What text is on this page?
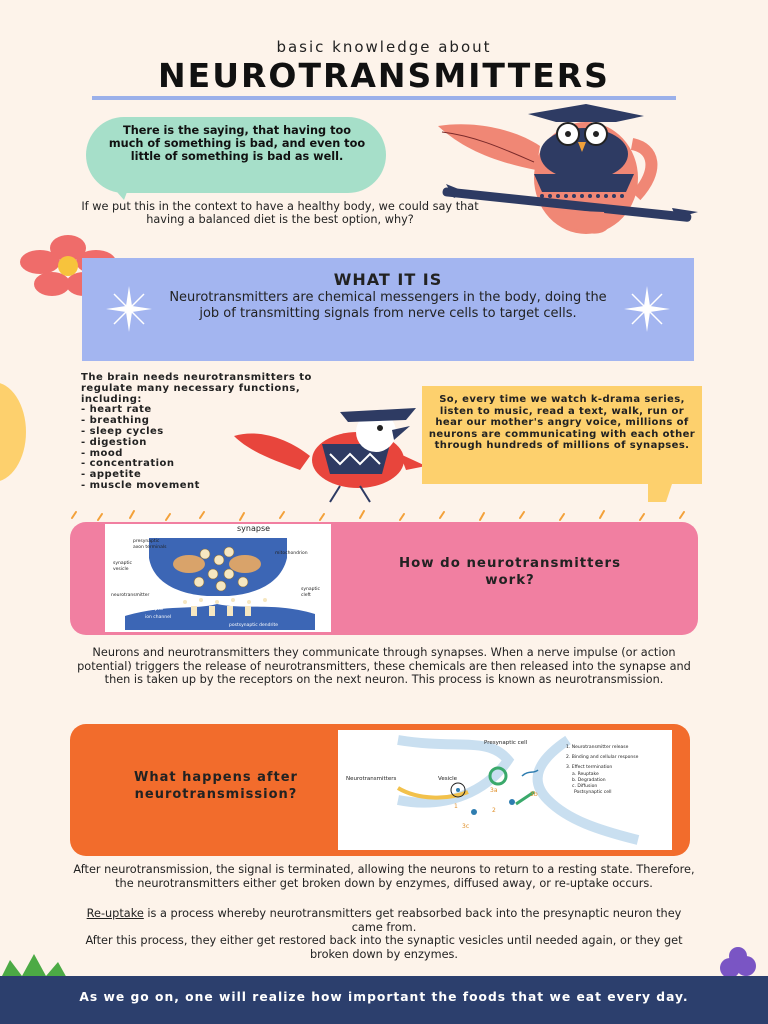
basic knowledge about
NEUROTRANSMITTERS
There is the saying, that having too much of something is bad, and even too little of something is bad as well.
If we put this in the context to have a healthy body, we could say that having a balanced diet is the best option, why?
WHAT IT IS
Neurotransmitters are chemical messengers in the body, doing the job of transmitting signals from nerve cells to target cells.
The brain needs neurotransmitters to regulate many necessary functions, including:
- heart rate
- breathing
- sleep cycles
- digestion
- mood
- concentration
- appetite
- muscle movement
So, every time we watch k-drama series, listen to music, read a text, walk, run or hear our mother's angry voice, millions of neurons are communicating with each other through hundreds of millions of synapses.
synapse
presynaptic
axon terminals
mitochondrion
synaptic
vesicle
neurotransmitter
synaptic
cleft
receptor
ion channel
postsynaptic dendrite
How do neurotransmitters work?
Neurons and neurotransmitters they communicate through synapses. When a nerve impulse (or action potential) triggers the release of neurotransmitters, these chemicals are then released into the synapse and then is taken up by the receptors on the next neuron. This process is known as neurotransmission.
What happens after neurotransmission?
Presynaptic cell
Neurotransmitters	Vesicle
1. Neurotransmitter release
2. Binding and cellular response
3. Effect termination
a. Reuptake
b. Degradation
c. Diffusion
Postsynaptic cell
1
2
3a
3b
3c
After neurotransmission, the signal is terminated, allowing the neurons to return to a resting state. Therefore, the neurotransmitters either get broken down by enzymes, diffused away, or re-uptake occurs.
Re-uptake is a process whereby neurotransmitters get reabsorbed back into the presynaptic neuron they came from.
After this process, they either get restored back into the synaptic vesicles until needed again, or they get broken down by enzymes.
As we go on, one will realize how important the foods that we eat every day.
